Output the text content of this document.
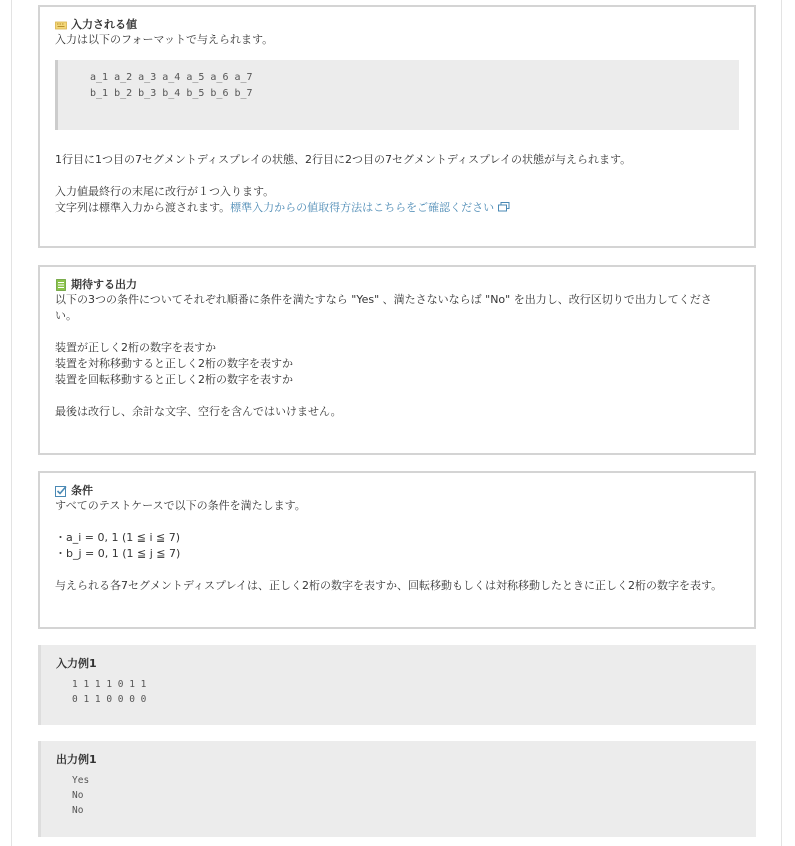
入力される値
入力は以下のフォーマットで与えられます。
a_1 a_2 a_3 a_4 a_5 a_6 a_7
b_1 b_2 b_3 b_4 b_5 b_6 b_7
1行目に1つ目の7セグメントディスプレイの状態、2行目に2つ目の7セグメントディスプレイの状態が与えられます。
入力値最終行の末尾に改行が１つ入ります。
文字列は標準入力から渡されます。標準入力からの値取得方法はこちらをご確認ください
期待する出力
以下の3つの条件についてそれぞれ順番に条件を満たすなら "Yes" 、満たさないならば "No" を出力し、改行区切りで出力してくださ
い。
装置が正しく2桁の数字を表すか
装置を対称移動すると正しく2桁の数字を表すか
装置を回転移動すると正しく2桁の数字を表すか
最後は改行し、余計な文字、空行を含んではいけません。
条件
すべてのテストケースで以下の条件を満たします。
・a_i = 0, 1 (1 ≦ i ≦ 7)
・b_j = 0, 1 (1 ≦ j ≦ 7)
与えられる各7セグメントディスプレイは、正しく2桁の数字を表すか、回転移動もしくは対称移動したときに正しく2桁の数字を表す。
入力例1
1 1 1 1 0 1 1
0 1 1 0 0 0 0
出力例1
Yes
No
No
